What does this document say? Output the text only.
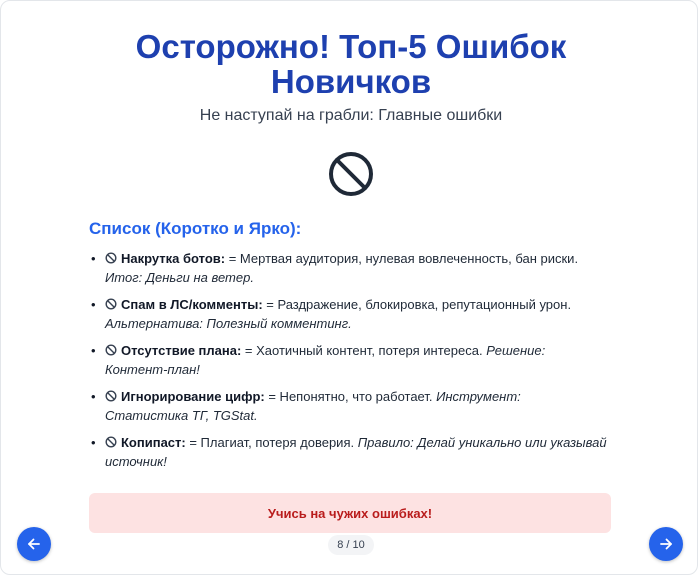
Осторожно! Топ-5 Ошибок Новичков
Не наступай на грабли: Главные ошибки
Список (Коротко и Ярко):
• Накрутка ботов: = Мертвая аудитория, нулевая вовлеченность, бан риски. Итог: Деньги на ветер.
• Спам в ЛС/комменты: = Раздражение, блокировка, репутационный урон. Альтернатива: Полезный комментинг.
• Отсутствие плана: = Хаотичный контент, потеря интереса. Решение: Контент-план!
• Игнорирование цифр: = Непонятно, что работает. Инструмент: Статистика ТГ, TGStat.
• Копипаст: = Плагиат, потеря доверия. Правило: Делай уникально или указывай источник!
Учись на чужих ошибках!
8 / 10
